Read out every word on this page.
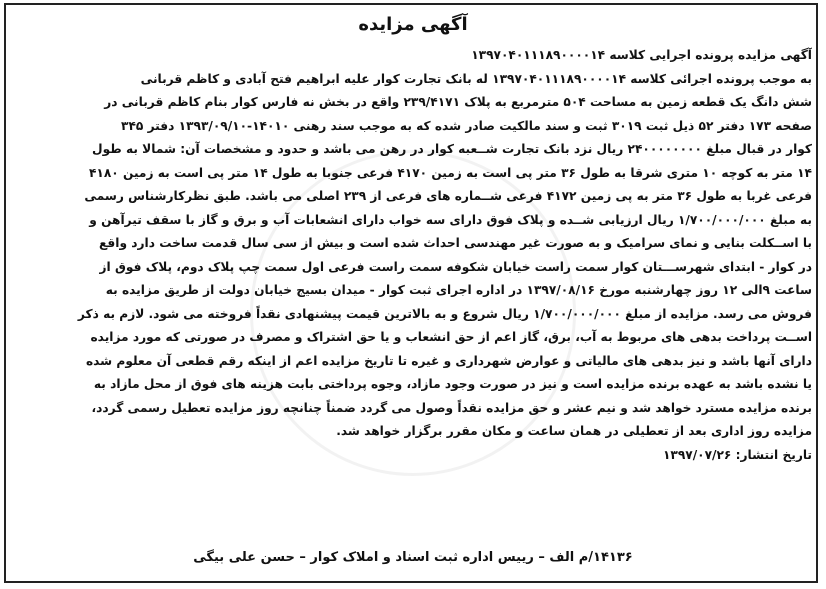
آگهی مزایده

آگهی مزایده پرونده اجرایی کلاسه ۱۳۹۷۰۴۰۱۱۱۸۹۰۰۰۰۱۴

به موجب پرونده اجرائی کلاسه ۱۳۹۷۰۴۰۱۱۱۸۹۰۰۰۰۱۴ له بانک تجارت کوار علیه ابراهیم فتح آبادی و کاظم قربانی

شش دانگ یک قطعه زمین به مساحت ۵۰۴ مترمربع به پلاک ۲۳۹/۴۱۷۱ واقع در بخش نه فارس کوار بنام کاظم قربانی در

صفحه ۱۷۳ دفتر ۵۲ ذیل ثبت ۳۰۱۹ ثبت و سند مالکیت صادر شده که به موجب سند رهنی ۱۴۰۱۰-۱۳۹۳/۰۹/۱۰ دفتر ۳۴۵

کوار در قبال مبلغ ۲۴۰۰۰۰۰۰۰۰ ریال نزد بانک تجارت شــعبه کوار در رهن می باشد و حدود و مشخصات آن: شمالا به طول

۱۴ متر به کوچه ۱۰ متری شرقا به طول ۳۶ متر پی است به زمین ۴۱۷۰ فرعی جنوبا به طول ۱۴ متر پی است به زمین ۴۱۸۰

فرعی غربا به طول ۳۶ متر به پی زمین ۴۱۷۲ فرعی شــماره های فرعی از ۲۳۹ اصلی می باشد. طبق نظرکارشناس رسمی

به مبلغ ۱/۷۰۰/۰۰۰/۰۰۰ ریال ارزیابی شــده و پلاک فوق دارای سه خواب دارای انشعابات آب و برق و گاز با سقف تیرآهن و

با اســکلت بنایی و نمای سرامیک و به صورت غیر مهندسی احداث شده است و بیش از سی سال قدمت ساخت دارد واقع

در کوار - ابتدای شهرســـتان کوار سمت راست خیابان شکوفه سمت راست فرعی اول سمت چپ پلاک دوم، پلاک فوق از

ساعت ۹الی ۱۲ روز چهارشنبه مورخ ۱۳۹۷/۰۸/۱۶ در اداره اجرای ثبت کوار - میدان بسیج خیابان دولت از طریق مزایده به

فروش می رسد. مزایده از مبلغ ۱/۷۰۰/۰۰۰/۰۰۰ ریال شروع و به بالاترین قیمت پیشنهادی نقداً فروخته می شود. لازم به ذکر

اســت پرداخت بدهی های مربوط به آب، برق، گاز اعم از حق انشعاب و یا حق اشتراک و مصرف در صورتی که مورد مزایده

دارای آنها باشد و نیز بدهی های مالیاتی و عوارض شهرداری و غیره تا تاریخ مزایده اعم از اینکه رقم قطعی آن معلوم شده

یا نشده باشد به عهده برنده مزایده است و نیز در صورت وجود مازاد، وجوه پرداختی بابت هزینه های فوق از محل مازاد به

برنده مزایده مسترد خواهد شد و نیم عشر و حق مزایده نقداً وصول می گردد ضمناً چنانچه روز مزایده تعطیل رسمی گردد،

مزایده روز اداری بعد از تعطیلی در همان ساعت و مکان مقرر برگزار خواهد شد.

تاریخ انتشار: ۱۳۹۷/۰۷/۲۶

۱۴۱۳۶/م الف – رییس اداره ثبت اسناد و املاک کوار – حسن علی بیگی
